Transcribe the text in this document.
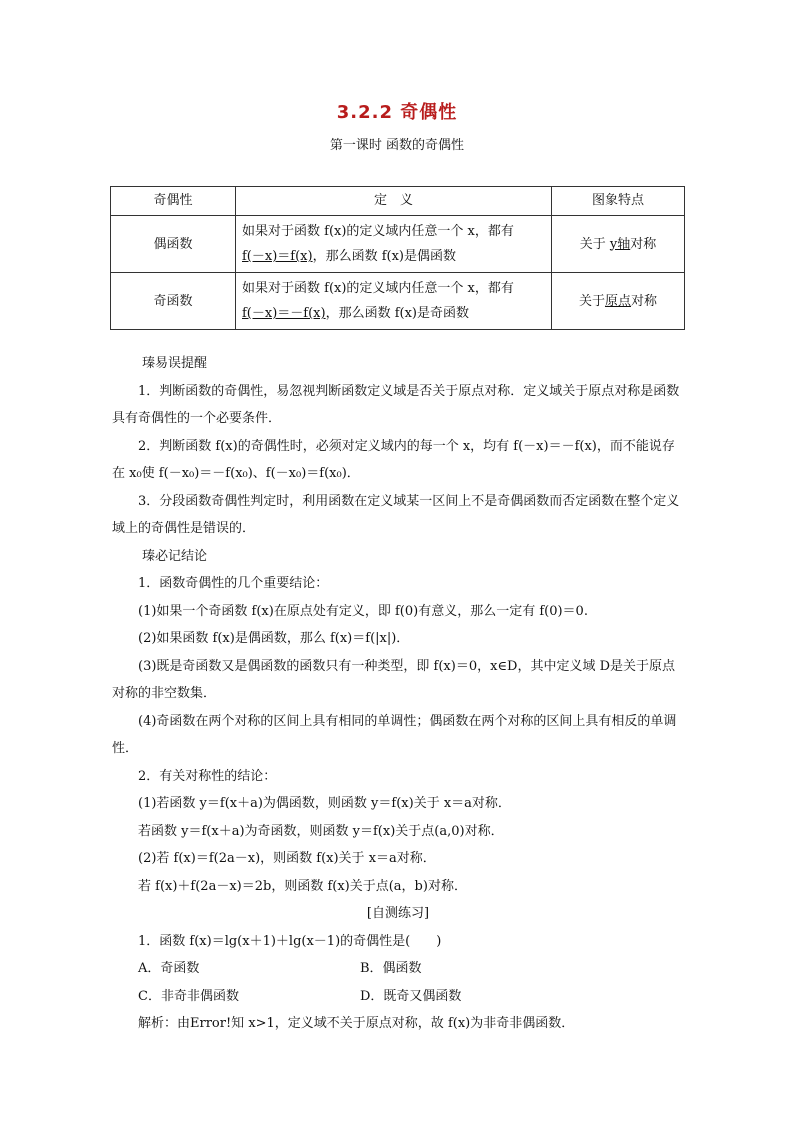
3.2.2 奇偶性
第一课时 函数的奇偶性
奇偶性	定　义	图象特点
偶函数	如果对于函数 f(x)的定义域内任意一个 x，都有
f(－x)＝f(x)，那么函数 f(x)是偶函数	关于 y轴对称
奇函数	如果对于函数 f(x)的定义域内任意一个 x，都有
f(－x)＝－f(x)，那么函数 f(x)是奇函数	关于原点对称

瑧易误提醒

1．判断函数的奇偶性，易忽视判断函数定义域是否关于原点对称．定义域关于原点对称是函数具有奇偶性的一个必要条件．

2．判断函数 f(x)的奇偶性时，必须对定义域内的每一个 x，均有 f(－x)＝－f(x)，而不能说存在 x₀使 f(－x₀)＝－f(x₀)、f(－x₀)＝f(x₀)．

3．分段函数奇偶性判定时，利用函数在定义域某一区间上不是奇偶函数而否定函数在整个定义域上的奇偶性是错误的．

瑧必记结论

1．函数奇偶性的几个重要结论：

(1)如果一个奇函数 f(x)在原点处有定义，即 f(0)有意义，那么一定有 f(0)＝0.

(2)如果函数 f(x)是偶函数，那么 f(x)＝f(|x|)．

(3)既是奇函数又是偶函数的函数只有一种类型，即 f(x)＝0，x∈D，其中定义域 D是关于原点对称的非空数集．

(4)奇函数在两个对称的区间上具有相同的单调性；偶函数在两个对称的区间上具有相反的单调性．

2．有关对称性的结论：

(1)若函数 y＝f(x＋a)为偶函数，则函数 y＝f(x)关于 x＝a对称．

若函数 y＝f(x＋a)为奇函数，则函数 y＝f(x)关于点(a,0)对称．

(2)若 f(x)＝f(2a－x)，则函数 f(x)关于 x＝a对称．

若 f(x)＋f(2a－x)＝2b，则函数 f(x)关于点(a，b)对称．

[自测练习]

1．函数 f(x)＝lg(x＋1)＋lg(x－1)的奇偶性是(　　)

A．奇函数	B．偶函数
C．非奇非偶函数	D．既奇又偶函数

解析：由Error!知 x>1，定义域不关于原点对称，故 f(x)为非奇非偶函数．
